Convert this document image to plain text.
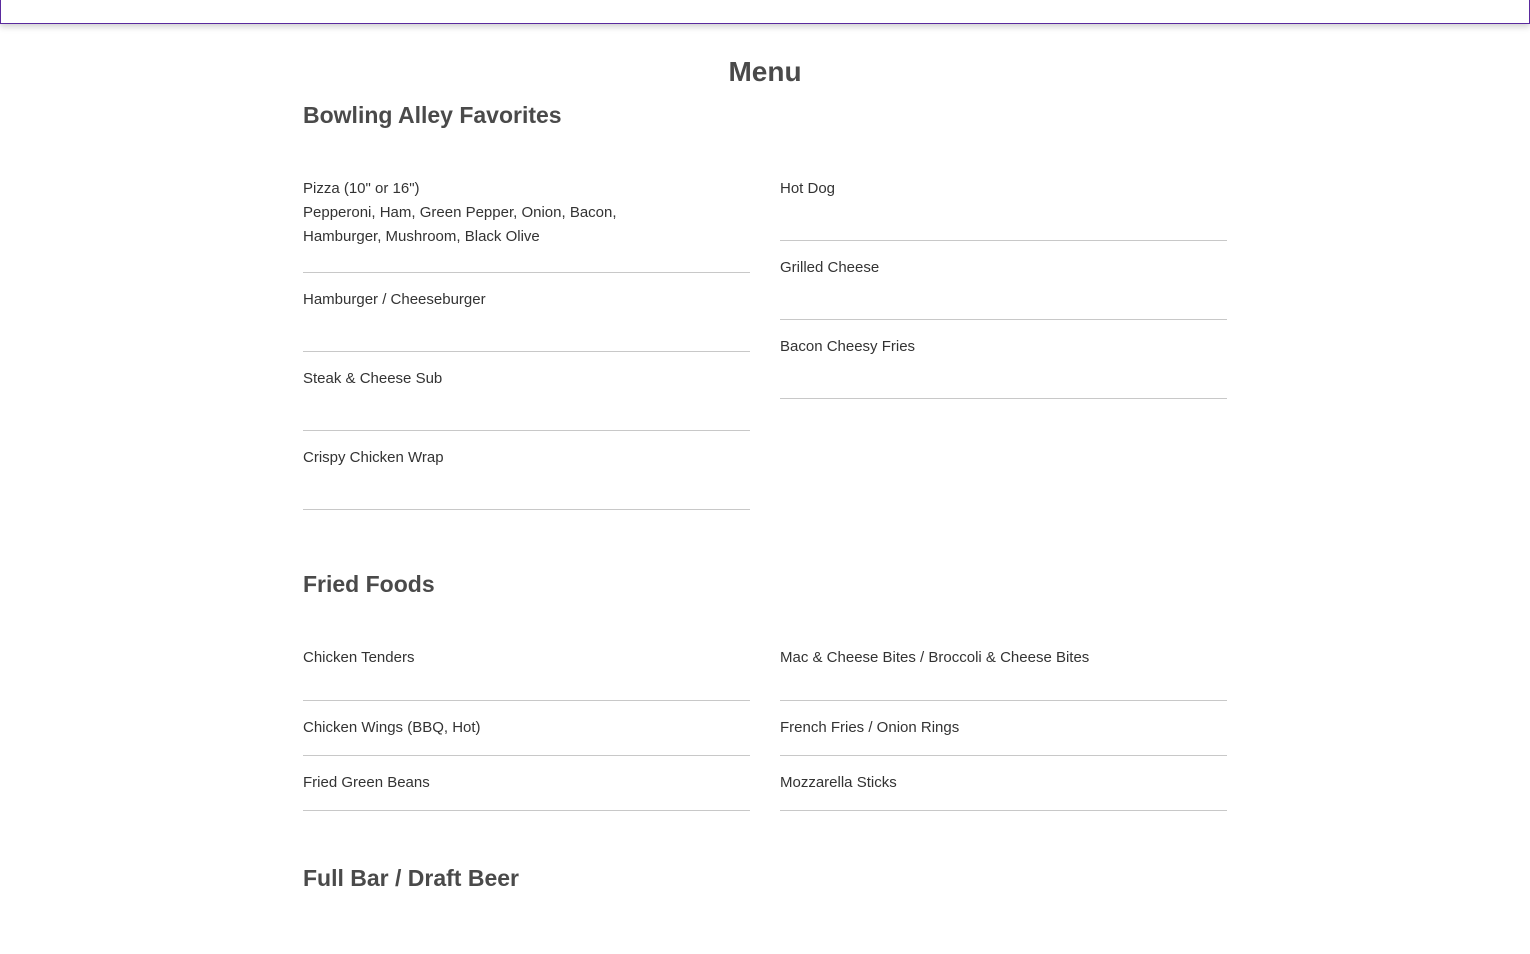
Menu
Bowling Alley Favorites
Pizza (10" or 16")
Pepperoni, Ham, Green Pepper, Onion, Bacon, Hamburger, Mushroom, Black Olive
Hamburger / Cheeseburger
Steak & Cheese Sub
Crispy Chicken Wrap
Hot Dog
Grilled Cheese
Bacon Cheesy Fries
Fried Foods
Chicken Tenders
Chicken Wings (BBQ, Hot)
Fried Green Beans
Mac & Cheese Bites / Broccoli & Cheese Bites
French Fries / Onion Rings
Mozzarella Sticks
Full Bar / Draft Beer
